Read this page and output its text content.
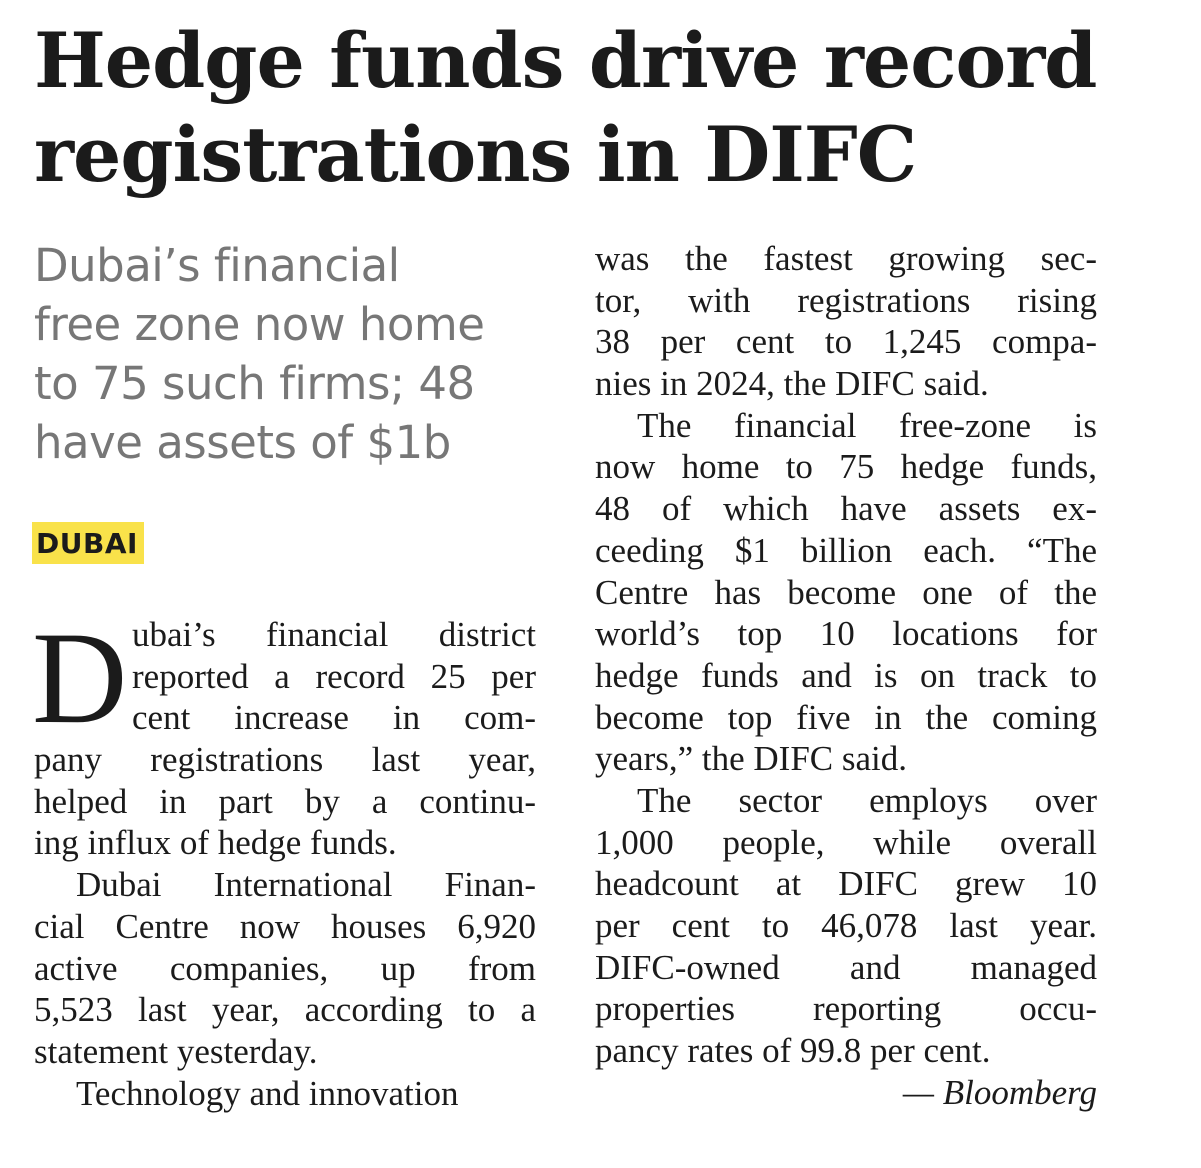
Hedge funds drive record
registrations in DIFC
Dubai’s financial
free zone now home
to 75 such firms; 48
have assets of $1b
DUBAI
D ubai’s financial district
reported a record 25 per
cent increase in com-
pany registrations last year,
helped in part by a continu-
ing influx of hedge funds.
Dubai International Finan-
cial Centre now houses 6,920
active companies, up from
5,523 last year, according to a
statement yesterday.
Technology and innovation
was the fastest growing sec-
tor, with registrations rising
38 per cent to 1,245 compa-
nies in 2024, the DIFC said.
The financial free-zone is
now home to 75 hedge funds,
48 of which have assets ex-
ceeding $1 billion each. “The
Centre has become one of the
world’s top 10 locations for
hedge funds and is on track to
become top five in the coming
years,” the DIFC said.
The sector employs over
1,000 people, while overall
headcount at DIFC grew 10
per cent to 46,078 last year.
DIFC-owned and managed
properties reporting occu-
pancy rates of 99.8 per cent.
— Bloomberg
